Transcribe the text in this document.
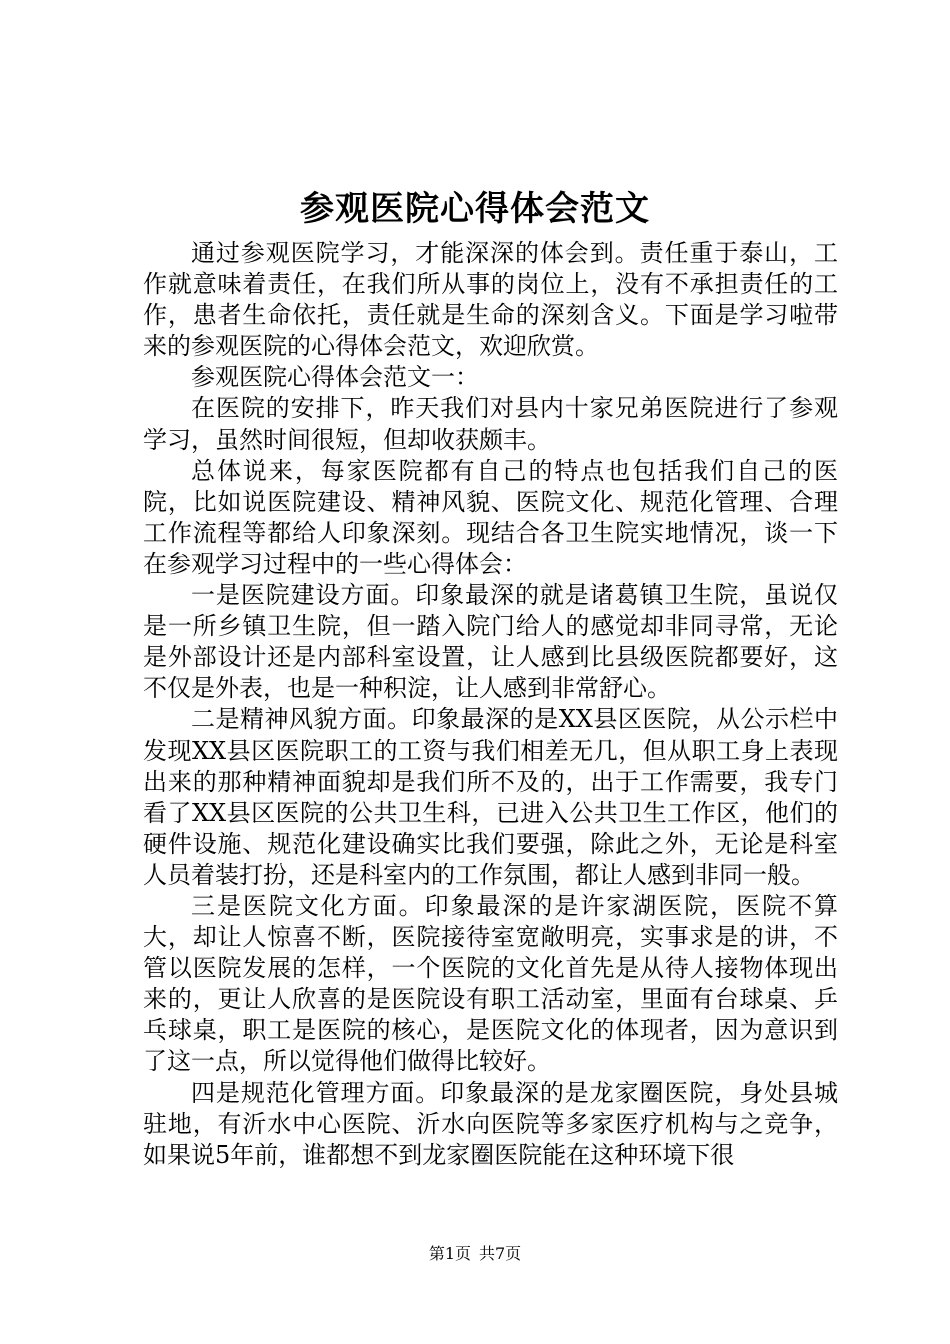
参观医院心得体会范文

通过参观医院学习，才能深深的体会到。责任重于泰山，工作就意味着责任，在我们所从事的岗位上，没有不承担责任的工作，患者生命依托，责任就是生命的深刻含义。下面是学习啦带来的参观医院的心得体会范文，欢迎欣赏。

参观医院心得体会范文一：

在医院的安排下，昨天我们对县内十家兄弟医院进行了参观学习，虽然时间很短，但却收获颇丰。

总体说来，每家医院都有自己的特点也包括我们自己的医院，比如说医院建设、精神风貌、医院文化、规范化管理、合理工作流程等都给人印象深刻。现结合各卫生院实地情况，谈一下在参观学习过程中的一些心得体会：

一是医院建设方面。印象最深的就是诸葛镇卫生院，虽说仅是一所乡镇卫生院，但一踏入院门给人的感觉却非同寻常，无论是外部设计还是内部科室设置，让人感到比县级医院都要好，这不仅是外表，也是一种积淀，让人感到非常舒心。

二是精神风貌方面。印象最深的是XX县区医院，从公示栏中发现XX县区医院职工的工资与我们相差无几，但从职工身上表现出来的那种精神面貌却是我们所不及的，出于工作需要，我专门看了XX县区医院的公共卫生科，已进入公共卫生工作区，他们的硬件设施、规范化建设确实比我们要强，除此之外，无论是科室人员着装打扮，还是科室内的工作氛围，都让人感到非同一般。

三是医院文化方面。印象最深的是许家湖医院，医院不算大，却让人惊喜不断，医院接待室宽敞明亮，实事求是的讲，不管以医院发展的怎样，一个医院的文化首先是从待人接物体现出来的，更让人欣喜的是医院设有职工活动室，里面有台球桌、乒乓球桌，职工是医院的核心，是医院文化的体现者，因为意识到了这一点，所以觉得他们做得比较好。

四是规范化管理方面。印象最深的是龙家圈医院，身处县城驻地，有沂水中心医院、沂水向医院等多家医疗机构与之竞争，如果说5年前，谁都想不到龙家圈医院能在这种环境下很

第1页 共7页
